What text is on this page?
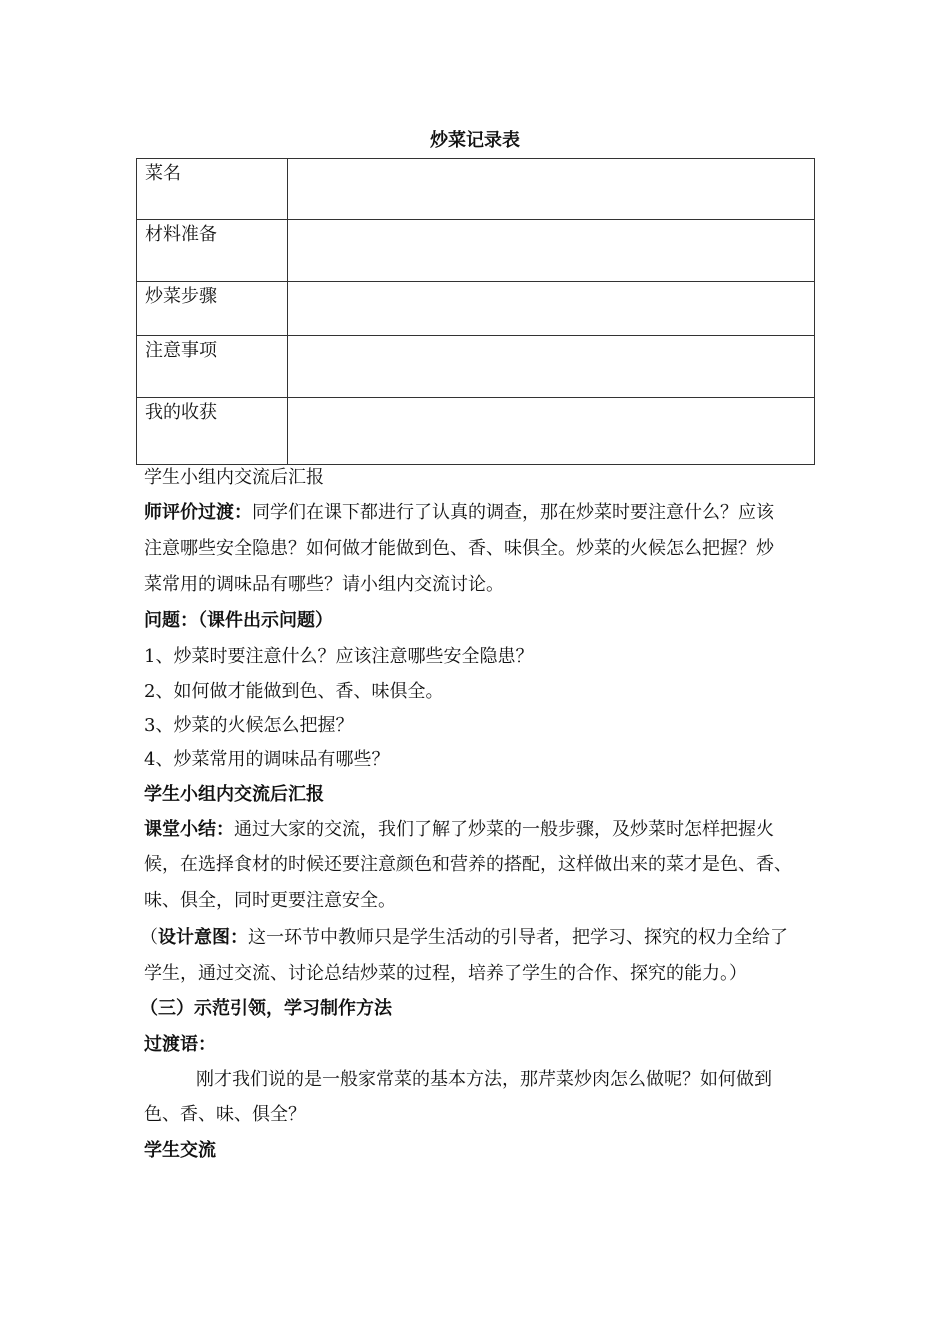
炒菜记录表
菜名	
材料准备	
炒菜步骤	
注意事项	
我的收获	
学生小组内交流后汇报
师评价过渡：同学们在课下都进行了认真的调查，那在炒菜时要注意什么？应该
注意哪些安全隐患？如何做才能做到色、香、味俱全。炒菜的火候怎么把握？炒
菜常用的调味品有哪些？请小组内交流讨论。
问题：（课件出示问题）
1、炒菜时要注意什么？应该注意哪些安全隐患？
2、如何做才能做到色、香、味俱全。
3、炒菜的火候怎么把握？
4、炒菜常用的调味品有哪些？
学生小组内交流后汇报
课堂小结：通过大家的交流，我们了解了炒菜的一般步骤，及炒菜时怎样把握火
候，在选择食材的时候还要注意颜色和营养的搭配，这样做出来的菜才是色、香、
味、俱全，同时更要注意安全。
（设计意图：这一环节中教师只是学生活动的引导者，把学习、探究的权力全给了
学生，通过交流、讨论总结炒菜的过程，培养了学生的合作、探究的能力。）
（三）示范引领，学习制作方法
过渡语：
刚才我们说的是一般家常菜的基本方法，那芹菜炒肉怎么做呢？如何做到
色、香、味、俱全？
学生交流
